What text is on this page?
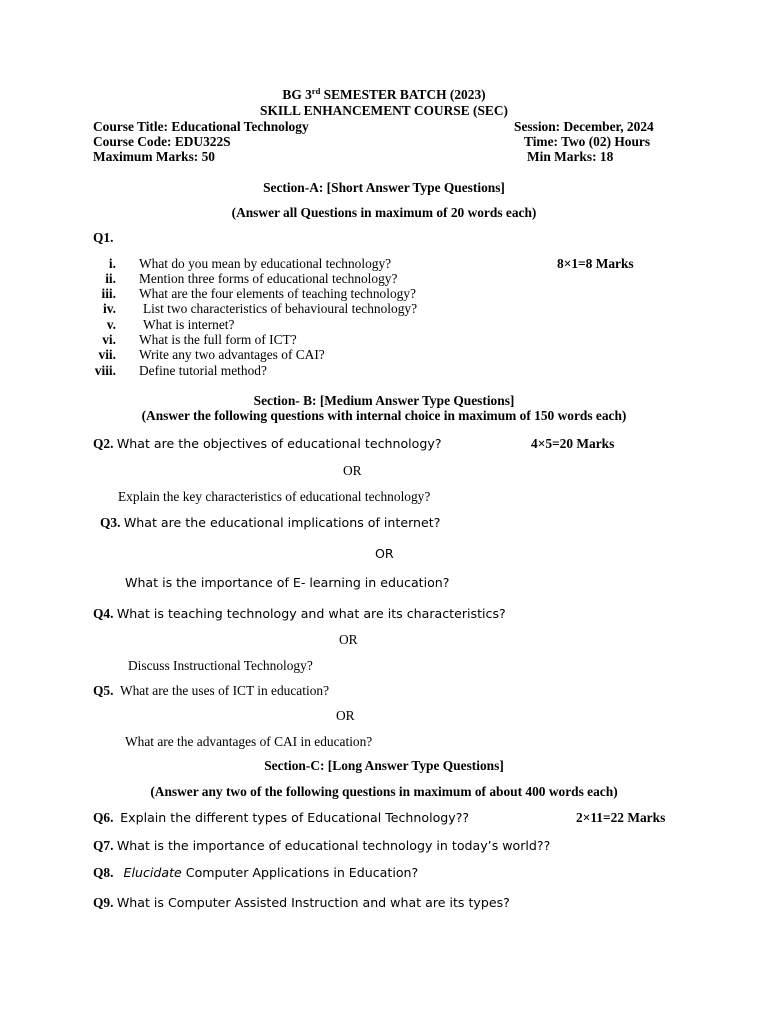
BG 3rd SEMESTER BATCH (2023)
SKILL ENHANCEMENT COURSE (SEC)
Course Title: Educational Technology	Session: December, 2024
Course Code: EDU322S	Time: Two (02) Hours
Maximum Marks: 50	Min Marks: 18
Section-A: [Short Answer Type Questions]
(Answer all Questions in maximum of 20 words each)
Q1.
8×1=8 Marks
i. What do you mean by educational technology?
ii. Mention three forms of educational technology?
iii. What are the four elements of teaching technology?
iv. List two characteristics of behavioural technology?
v. What is internet?
vi. What is the full form of ICT?
vii. Write any two advantages of CAI?
viii. Define tutorial method?
Section- B: [Medium Answer Type Questions]
(Answer the following questions with internal choice in maximum of 150 words each)
Q2. What are the objectives of educational technology?	4×5=20 Marks
OR
Explain the key characteristics of educational technology?
Q3. What are the educational implications of internet?
OR
What is the importance of E- learning in education?
Q4. What is teaching technology and what are its characteristics?
OR
Discuss Instructional Technology?
Q5. What are the uses of ICT in education?
OR
What are the advantages of CAI in education?
Section-C: [Long Answer Type Questions]
(Answer any two of the following questions in maximum of about 400 words each)
Q6. Explain the different types of Educational Technology??	2×11=22 Marks
Q7. What is the importance of educational technology in today’s world??
Q8. Elucidate Computer Applications in Education?
Q9. What is Computer Assisted Instruction and what are its types?
